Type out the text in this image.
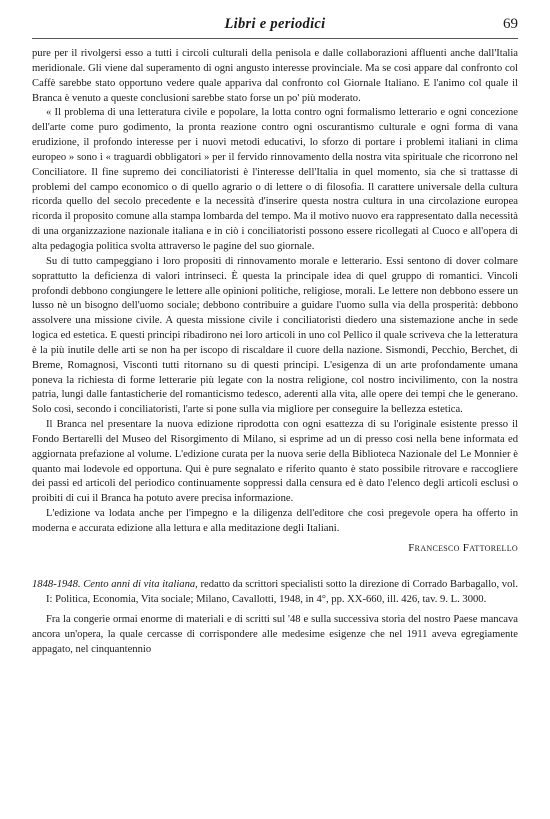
Libri e periodici	69

pure per il rivolgersi esso a tutti i circoli culturali della penisola e dalle collaborazioni affluenti anche dall'Italia meridionale. Gli viene dal superamento di ogni angusto interesse provinciale. Ma se così appare dal confronto col Caffè sarebbe stato opportuno vedere quale appariva dal confronto col Giornale Italiano. E l'animo col quale il Branca è venuto a queste conclusioni sarebbe stato forse un po' più moderato.

« Il problema di una letteratura civile e popolare, la lotta contro ogni formalismo letterario e ogni concezione dell'arte come puro godimento, la pronta reazione contro ogni oscurantismo culturale e ogni forma di vana erudizione, il profondo interesse per i nuovi metodi educativi, lo sforzo di portare i problemi italiani in clima europeo » sono i « traguardi obbligatori » per il fervido rinnovamento della nostra vita spirituale che ricorrono nel Conciliatore. Il fine supremo dei conciliatoristi è l'interesse dell'Italia in quel momento, sia che si trattasse di problemi del campo economico o di quello agrario o di lettere o di filosofia. Il carattere universale della cultura ricorda quello del secolo precedente e la necessità d'inserire questa nostra cultura in una circolazione europea ricorda il proposito comune alla stampa lombarda del tempo. Ma il motivo nuovo era rappresentato dalla necessità di una organizzazione nazionale italiana e in ciò i conciliatoristi possono essere ricollegati al Cuoco e all'opera di alta pedagogia politica svolta attraverso le pagine del suo giornale.

Su di tutto campeggiano i loro propositi di rinnovamento morale e letterario. Essi sentono di dover colmare soprattutto la deficienza di valori intrinseci. È questa la principale idea di quel gruppo di romantici. Vincoli profondi debbono congiungere le lettere alle opinioni politiche, religiose, morali. Le lettere non debbono essere un lusso nè un bisogno dell'uomo sociale; debbono contribuire a guidare l'uomo sulla via della prosperità: debbono assolvere una missione civile. A questa missione civile i conciliatoristi diedero una sistemazione anche in sede logica ed estetica. E questi principi ribadirono nei loro articoli in uno col Pellico il quale scriveva che la letteratura è la più inutile delle arti se non ha per iscopo di riscaldare il cuore della nazione. Sismondi, Pecchio, Berchet, di Breme, Romagnosi, Visconti tutti ritornano su di questi principi. L'esigenza di un arte profondamente umana poneva la richiesta di forme letterarie più legate con la nostra religione, col nostro incivilimento, con la nostra patria, lungi dalle fantasticherie del romanticismo tedesco, aderenti alla vita, alle opere dei tempi che le generano. Solo così, secondo i conciliatoristi, l'arte si pone sulla via migliore per conseguire la bellezza estetica.

Il Branca nel presentare la nuova edizione riprodotta con ogni esattezza di su l'originale esistente presso il Fondo Bertarelli del Museo del Risorgimento di Milano, si esprime ad un di presso così nella bene informata ed aggiornata prefazione al volume. L'edizione curata per la nuova serie della Biblioteca Nazionale del Le Monnier è quanto mai lodevole ed opportuna. Qui è pure segnalato e riferito quanto è stato possibile ritrovare e raccogliere dei passi ed articoli del periodico continuamente soppressi dalla censura ed è dato l'elenco degli articoli esclusi o proibiti di cui il Branca ha potuto avere precisa informazione.

L'edizione va lodata anche per l'impegno e la diligenza dell'editore che così pregevole opera ha offerto in moderna e accurata edizione alla lettura e alla meditazione degli Italiani.

Francesco Fattorello

1848-1948. Cento anni di vita italiana, redatto da scrittori specialisti sotto la direzione di Corrado Barbagallo, vol. I: Politica, Economia, Vita sociale; Milano, Cavallotti, 1948, in 4°, pp. XX-660, ill. 426, tav. 9. L. 3000.

Fra la congerie ormai enorme di materiali e di scritti sul '48 e sulla successiva storia del nostro Paese mancava ancora un'opera, la quale cercasse di corrispondere alle medesime esigenze che nel 1911 aveva egregiamente appagato, nel cinquantennio
